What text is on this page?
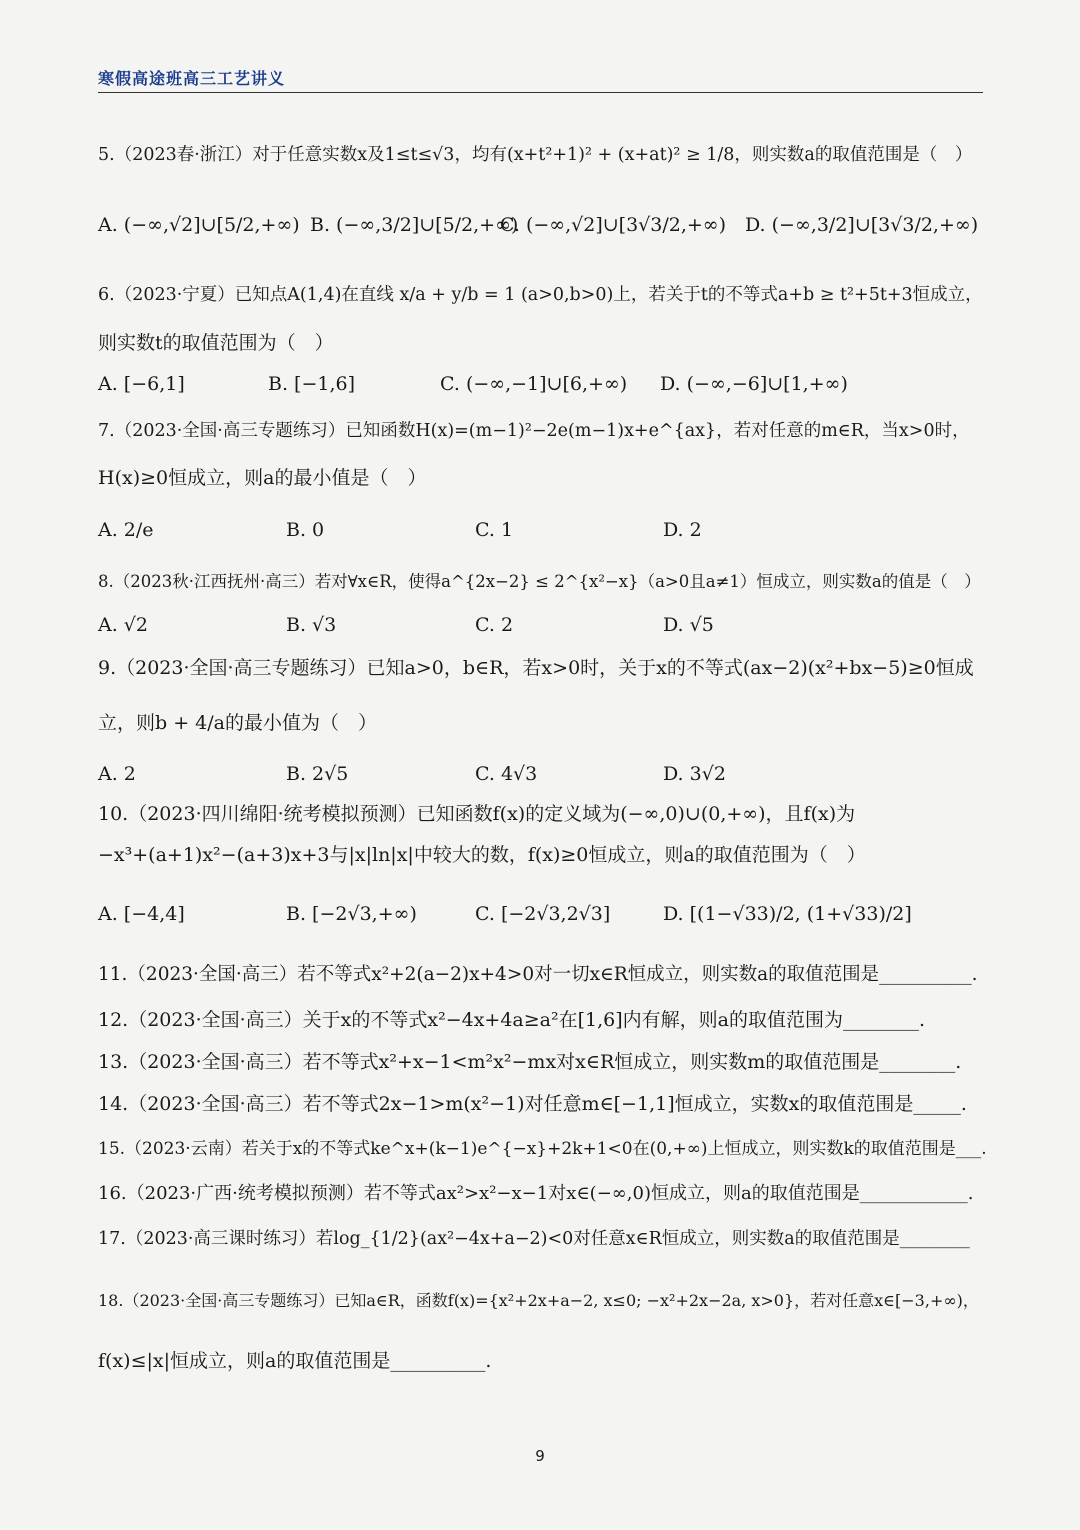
寒假高途班高三工艺讲义
5.（2023春·浙江）对于任意实数x及1≤t≤√3，均有(x+t²+1)² + (x+at)² ≥ 1/8，则实数a的取值范围是（　）
A. (−∞,√2]∪[5/2,+∞) B. (−∞,3/2]∪[5/2,+∞)
C. (−∞,√2]∪[3√3/2,+∞) D. (−∞,3/2]∪[3√3/2,+∞)
6.（2023·宁夏）已知点A(1,4)在直线 x/a + y/b = 1 (a>0,b>0)上，若关于t的不等式a+b ≥ t²+5t+3恒成立，
则实数t的取值范围为（　）
A. [−6,1]	B. [−1,6]	C. (−∞,−1]∪[6,+∞) D. (−∞,−6]∪[1,+∞)
7.（2023·全国·高三专题练习）已知函数H(x)=(m−1)²−2e(m−1)x+e^{ax}，若对任意的m∈R，当x>0时，
H(x)≥0恒成立，则a的最小值是（　）
A. 2/e	B. 0	C. 1	D. 2
8.（2023秋·江西抚州·高三）若对∀x∈R，使得a^{2x−2} ≤ 2^{x²−x}（a>0且a≠1）恒成立，则实数a的值是（　）
A. √2	B. √3	C. 2	D. √5
9.（2023·全国·高三专题练习）已知a>0，b∈R，若x>0时，关于x的不等式(ax−2)(x²+bx−5)≥0恒成
立，则b + 4/a的最小值为（　）
A. 2	B. 2√5	C. 4√3	D. 3√2
10.（2023·四川绵阳·统考模拟预测）已知函数f(x)的定义域为(−∞,0)∪(0,+∞)，且f(x)为
−x³+(a+1)x²−(a+3)x+3与|x|ln|x|中较大的数，f(x)≥0恒成立，则a的取值范围为（　）
A. [−4,4]	B. [−2√3,+∞)	C. [−2√3,2√3]	D. [(1−√33)/2, (1+√33)/2]
11.（2023·全国·高三）若不等式x²+2(a−2)x+4>0对一切x∈R恒成立，则实数a的取值范围是__________.
12.（2023·全国·高三）关于x的不等式x²−4x+4a≥a²在[1,6]内有解，则a的取值范围为________.
13.（2023·全国·高三）若不等式x²+x−1<m²x²−mx对x∈R恒成立，则实数m的取值范围是________.
14.（2023·全国·高三）若不等式2x−1>m(x²−1)对任意m∈[−1,1]恒成立，实数x的取值范围是_____.
15.（2023·云南）若关于x的不等式ke^x+(k−1)e^{−x}+2k+1<0在(0,+∞)上恒成立，则实数k的取值范围是___.
16.（2023·广西·统考模拟预测）若不等式ax²>x²−x−1对x∈(−∞,0)恒成立，则a的取值范围是____________.
17.（2023·高三课时练习）若log_{1/2}(ax²−4x+a−2)<0对任意x∈R恒成立，则实数a的取值范围是________
18.（2023·全国·高三专题练习）已知a∈R，函数f(x)={x²+2x+a−2, x≤0; −x²+2x−2a, x>0}，若对任意x∈[−3,+∞)，
f(x)≤|x|恒成立，则a的取值范围是__________.
9
